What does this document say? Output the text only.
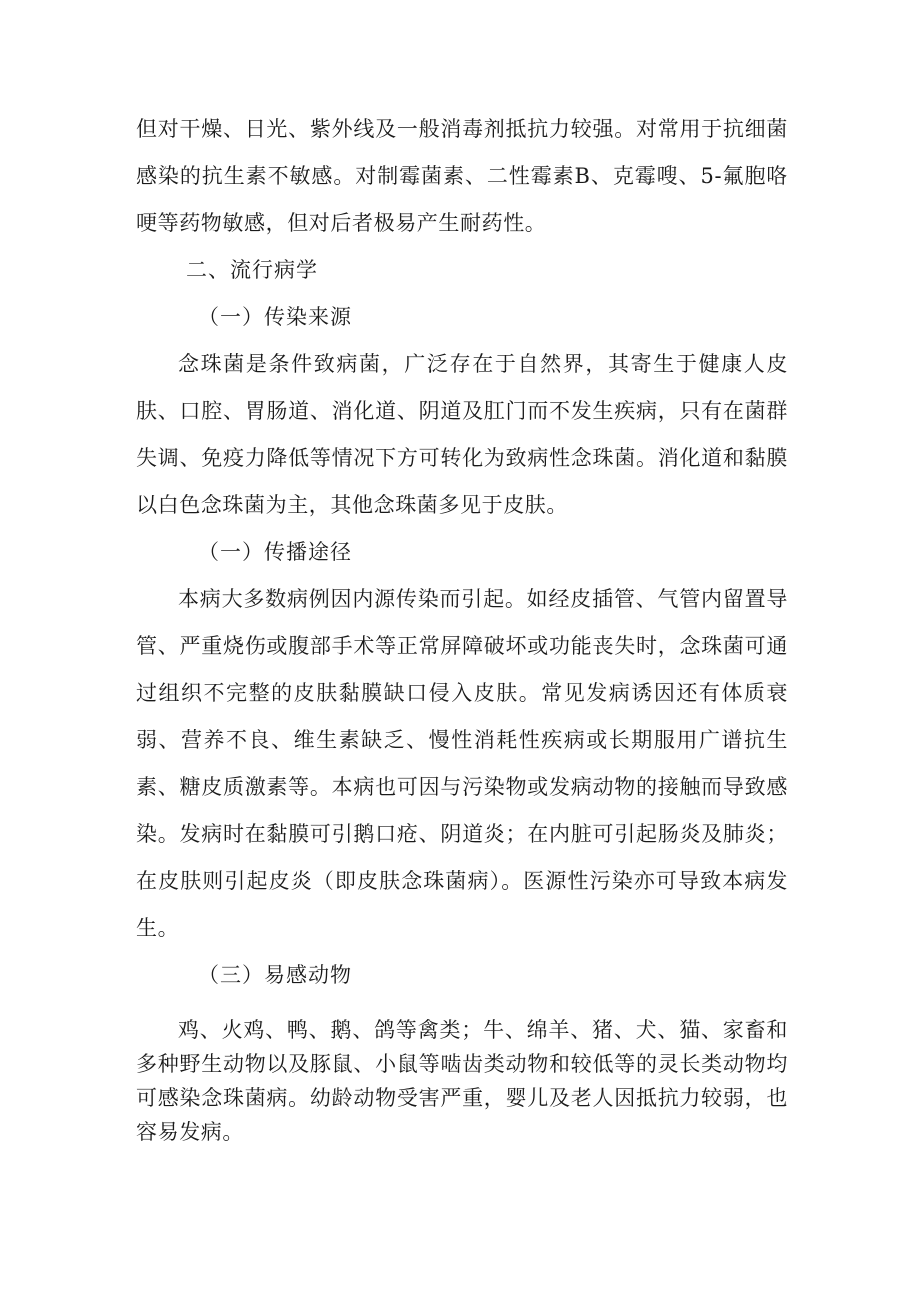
但对干燥、日光、紫外线及一般消毒剂抵抗力较强。对常用于抗细菌感染的抗生素不敏感。对制霉菌素、二性霉素B、克霉嗖、5-氟胞咯哽等药物敏感，但对后者极易产生耐药性。

二、流行病学

（一）传染来源

念珠菌是条件致病菌，广泛存在于自然界，其寄生于健康人皮肤、口腔、胃肠道、消化道、阴道及肛门而不发生疾病，只有在菌群失调、免疫力降低等情况下方可转化为致病性念珠菌。消化道和黏膜以白色念珠菌为主，其他念珠菌多见于皮肤。

（一）传播途径

本病大多数病例因内源传染而引起。如经皮插管、气管内留置导管、严重烧伤或腹部手术等正常屏障破坏或功能丧失时，念珠菌可通过组织不完整的皮肤黏膜缺口侵入皮肤。常见发病诱因还有体质衰弱、营养不良、维生素缺乏、慢性消耗性疾病或长期服用广谱抗生素、糖皮质激素等。本病也可因与污染物或发病动物的接触而导致感染。发病时在黏膜可引鹅口疮、阴道炎；在内脏可引起肠炎及肺炎；在皮肤则引起皮炎（即皮肤念珠菌病）。医源性污染亦可导致本病发生。

（三）易感动物

鸡、火鸡、鸭、鹅、鸽等禽类；牛、绵羊、猪、犬、猫、家畜和多种野生动物以及豚鼠、小鼠等啮齿类动物和较低等的灵长类动物均可感染念珠菌病。幼龄动物受害严重，婴儿及老人因抵抗力较弱，也容易发病。
